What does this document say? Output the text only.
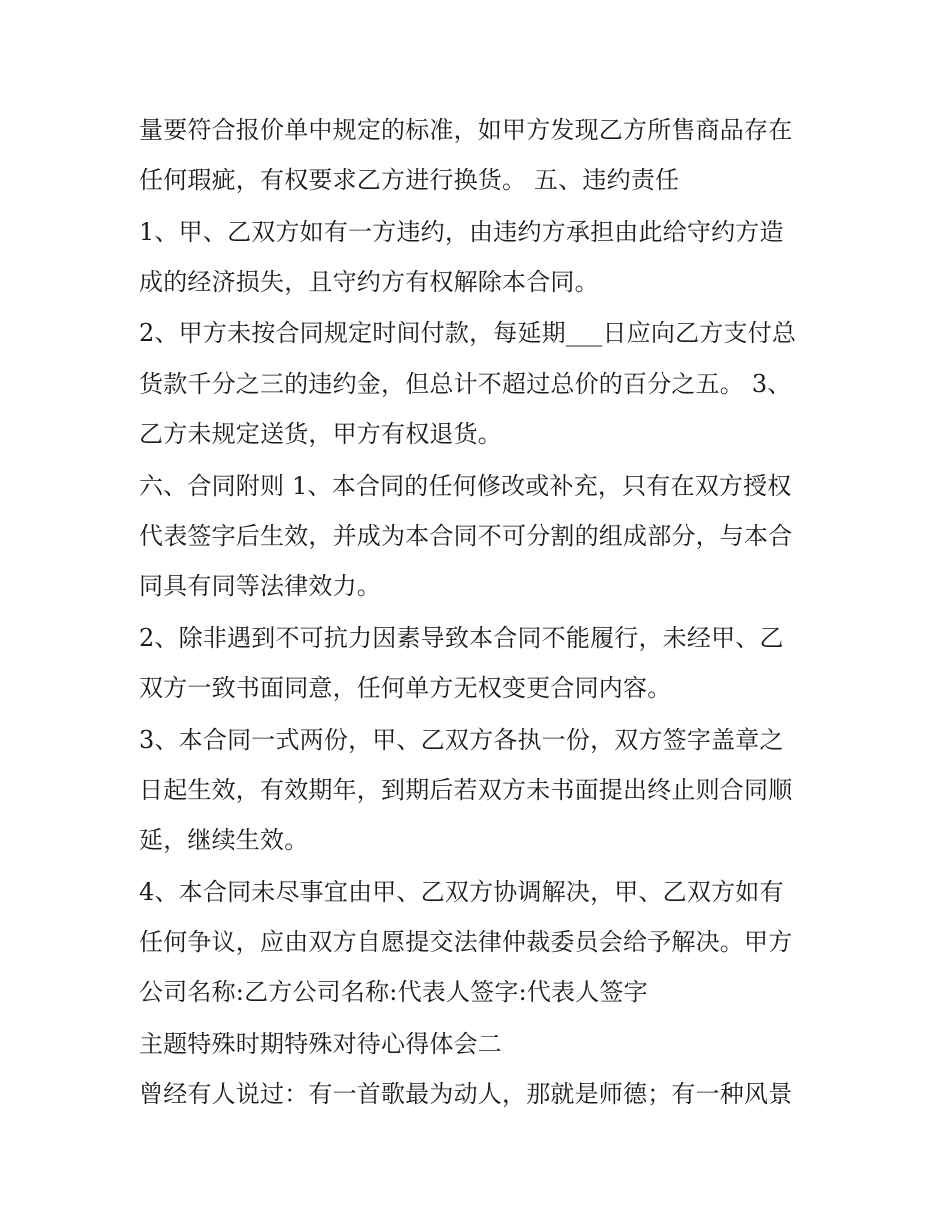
量要符合报价单中规定的标准，如甲方发现乙方所售商品存在
任何瑕疵，有权要求乙方进行换货。 五、违约责任
1、甲、乙双方如有一方违约，由违约方承担由此给守约方造
成的经济损失，且守约方有权解除本合同。
2、甲方未按合同规定时间付款，每延期___日应向乙方支付总
货款千分之三的违约金，但总计不超过总价的百分之五。 3、
乙方未规定送货，甲方有权退货。
六、合同附则 1、本合同的任何修改或补充，只有在双方授权
代表签字后生效，并成为本合同不可分割的组成部分，与本合
同具有同等法律效力。
2、除非遇到不可抗力因素导致本合同不能履行，未经甲、乙
双方一致书面同意，任何单方无权变更合同内容。
3、本合同一式两份，甲、乙双方各执一份，双方签字盖章之
日起生效，有效期年，到期后若双方未书面提出终止则合同顺
延，继续生效。
4、本合同未尽事宜由甲、乙双方协调解决，甲、乙双方如有
任何争议，应由双方自愿提交法律仲裁委员会给予解决。甲方
公司名称:乙方公司名称:代表人签字:代表人签字
主题特殊时期特殊对待心得体会二
曾经有人说过：有一首歌最为动人，那就是师德；有一种风景
